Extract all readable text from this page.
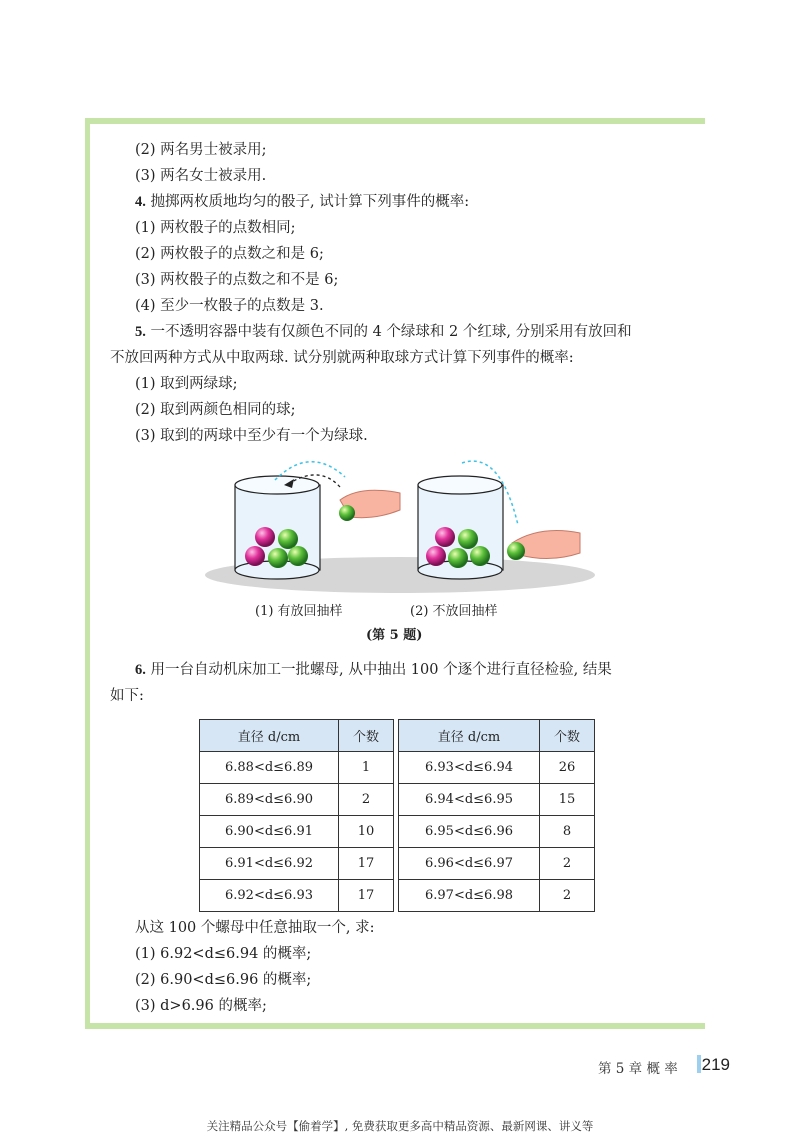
(2) 两名男士被录用;
(3) 两名女士被录用.
4. 抛掷两枚质地均匀的骰子, 试计算下列事件的概率:
(1) 两枚骰子的点数相同;
(2) 两枚骰子的点数之和是 6;
(3) 两枚骰子的点数之和不是 6;
(4) 至少一枚骰子的点数是 3.
5. 一不透明容器中装有仅颜色不同的 4 个绿球和 2 个红球, 分别采用有放回和
不放回两种方式从中取两球. 试分别就两种取球方式计算下列事件的概率:
(1) 取到两绿球;
(2) 取到两颜色相同的球;
(3) 取到的两球中至少有一个为绿球.
(1) 有放回抽样	(2) 不放回抽样
(第 5 题)
6. 用一台自动机床加工一批螺母, 从中抽出 100 个逐个进行直径检验, 结果
如下:
直径 d/cm	个数		直径 d/cm	个数
6.88<d≤6.89	1		6.93<d≤6.94	26
6.89<d≤6.90	2		6.94<d≤6.95	15
6.90<d≤6.91	10		6.95<d≤6.96	8
6.91<d≤6.92	17		6.96<d≤6.97	2
6.92<d≤6.93	17		6.97<d≤6.98	2
从这 100 个螺母中任意抽取一个, 求:
(1) 6.92<d≤6.94 的概率;
(2) 6.90<d≤6.96 的概率;
(3) d>6.96 的概率;
第 5 章 概 率 219
关注精品公众号【偷着学】, 免费获取更多高中精品资源、最新网课、讲义等
